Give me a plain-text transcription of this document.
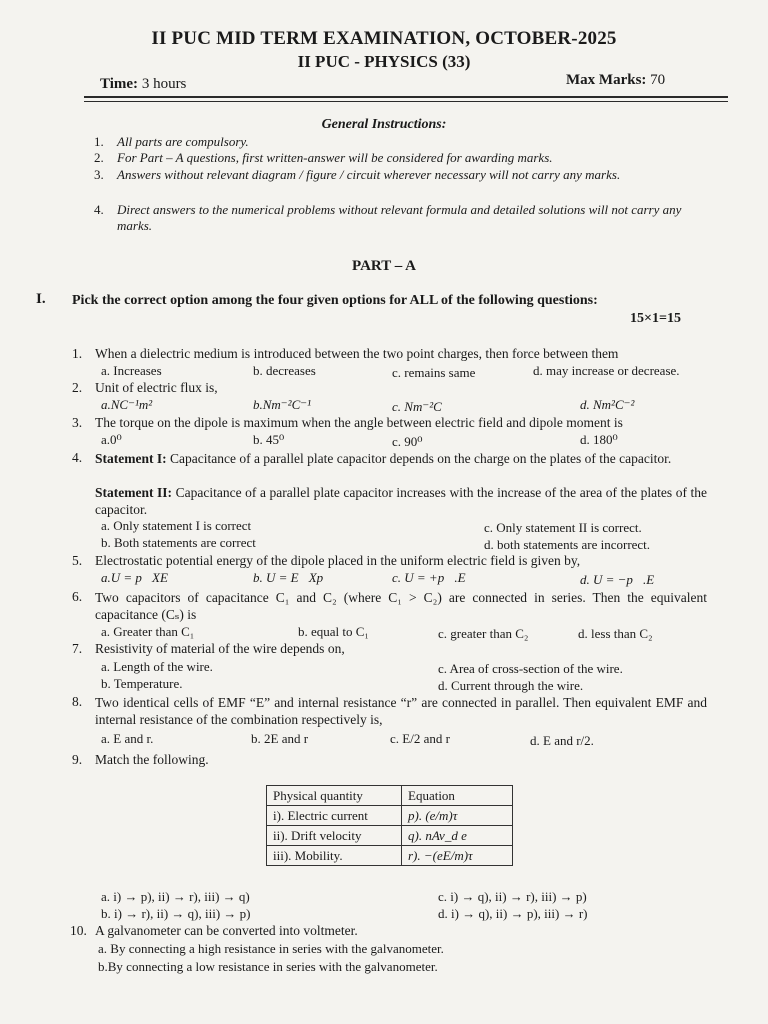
II PUC MID TERM EXAMINATION, OCTOBER-2025
II PUC - PHYSICS (33)
Time: 3 hours	Max Marks: 70
General Instructions:
1. All parts are compulsory.
2. For Part – A questions, first written-answer will be considered for awarding marks.
3. Answers without relevant diagram / figure / circuit wherever necessary will not carry any marks.
4. Direct answers to the numerical problems without relevant formula and detailed solutions will not carry any marks.
PART – A
I. Pick the correct option among the four given options for ALL of the following questions:
15×1=15
1. When a dielectric medium is introduced between the two point charges, then force between them
a. Increases	b. decreases	c. remains same	d. may increase or decrease.
2. Unit of electric flux is,
a.NC⁻¹m²	b.Nm⁻²C⁻¹	c. Nm⁻²C	d. Nm²C⁻²
3. The torque on the dipole is maximum when the angle between electric field and dipole moment is
a.0⁰	b. 45⁰	c. 90⁰	d. 180⁰
4. Statement I: Capacitance of a parallel plate capacitor depends on the charge on the plates of the capacitor.
Statement II: Capacitance of a parallel plate capacitor increases with the increase of the area of the plates of the capacitor.
a. Only statement I is correct	c. Only statement II is correct.
b. Both statements are correct	d. both statements are incorrect.
5. Electrostatic potential energy of the dipole placed in the uniform electric field is given by,
a.U = p⃗XE⃗	b. U = E⃗Xp⃗	c. U = +p⃗.E⃗	d. U = −p⃗.E⃗
6. Two capacitors of capacitance C₁ and C₂ (where C₁ > C₂) are connected in series. Then the equivalent capacitance (Cₛ) is
a. Greater than C₁	b. equal to C₁	c. greater than C₂	d. less than C₂
7. Resistivity of material of the wire depends on,
a. Length of the wire.	c. Area of cross-section of the wire.
b. Temperature.	d. Current through the wire.
8. Two identical cells of EMF “E” and internal resistance “r” are connected in parallel. Then equivalent EMF and internal resistance of the combination respectively is,
a. E and r.	b. 2E and r	c. E/2 and r	d. E and r/2.
9. Match the following.
Physical quantity	Equation
i). Electric current	p). (e/m)τ
ii). Drift velocity	q). nAv_d e
iii). Mobility.	r). −(eE/m)τ
a. i) → p), ii) → r), iii) → q)	c. i) → q), ii) → r), iii) → p)
b. i) → r), ii) → q), iii) → p)	d. i) → q), ii) → p), iii) → r)
10. A galvanometer can be converted into voltmeter.
a. By connecting a high resistance in series with the galvanometer.
b.By connecting a low resistance in series with the galvanometer.
